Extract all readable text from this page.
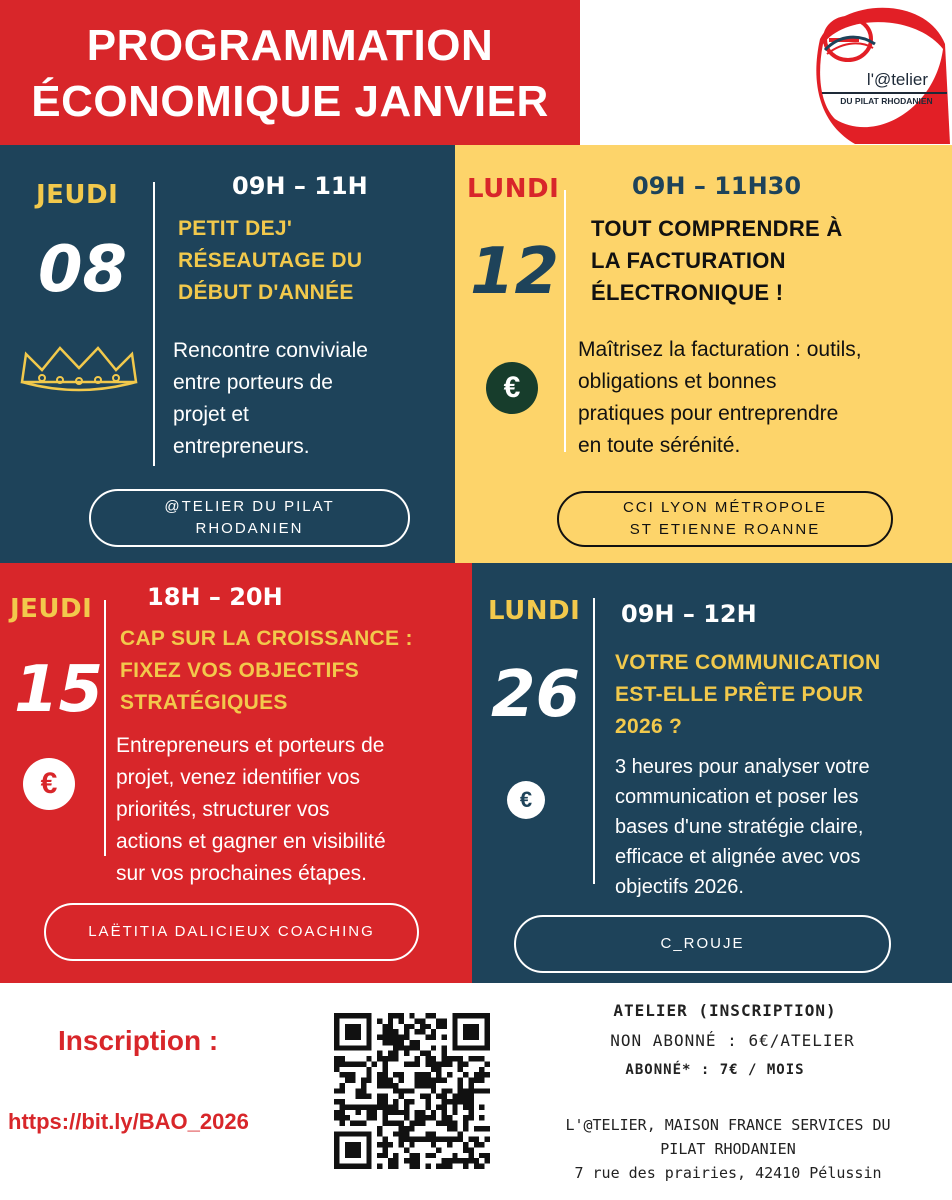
PROGRAMMATION
ÉCONOMIQUE JANVIER	l'@telier
DU PILAT RHODANIEN
JEUDI
08
09H – 11H
PETIT DEJ'
RÉSEAUTAGE DU
DÉBUT D'ANNÉE
Rencontre conviviale
entre porteurs de
projet et
entrepreneurs.
@TELIER DU PILAT
RHODANIEN
LUNDI
12
€
09H – 11H30
TOUT COMPRENDRE À
LA FACTURATION
ÉLECTRONIQUE !
Maîtrisez la facturation : outils,
obligations et bonnes
pratiques pour entreprendre
en toute sérénité.
CCI LYON MÉTROPOLE
ST ETIENNE ROANNE
JEUDI
15
€
18H – 20H
CAP SUR LA CROISSANCE :
FIXEZ VOS OBJECTIFS
STRATÉGIQUES
Entrepreneurs et porteurs de
projet, venez identifier vos
priorités, structurer vos
actions et gagner en visibilité
sur vos prochaines étapes.
LAËTITIA DALICIEUX COACHING
LUNDI
26
€
09H – 12H
VOTRE COMMUNICATION
EST-ELLE PRÊTE POUR
2026 ?
3 heures pour analyser votre
communication et poser les
bases d'une stratégie claire,
efficace et alignée avec vos
objectifs 2026.
C_ROUJE
Inscription :
https://bit.ly/BAO_2026
ATELIER (INSCRIPTION)
NON ABONNÉ : 6€/ATELIER
ABONNÉ* : 7€ / MOIS
L'@TELIER, MAISON FRANCE SERVICES DU
PILAT RHODANIEN
7 rue des prairies, 42410 Pélussin
